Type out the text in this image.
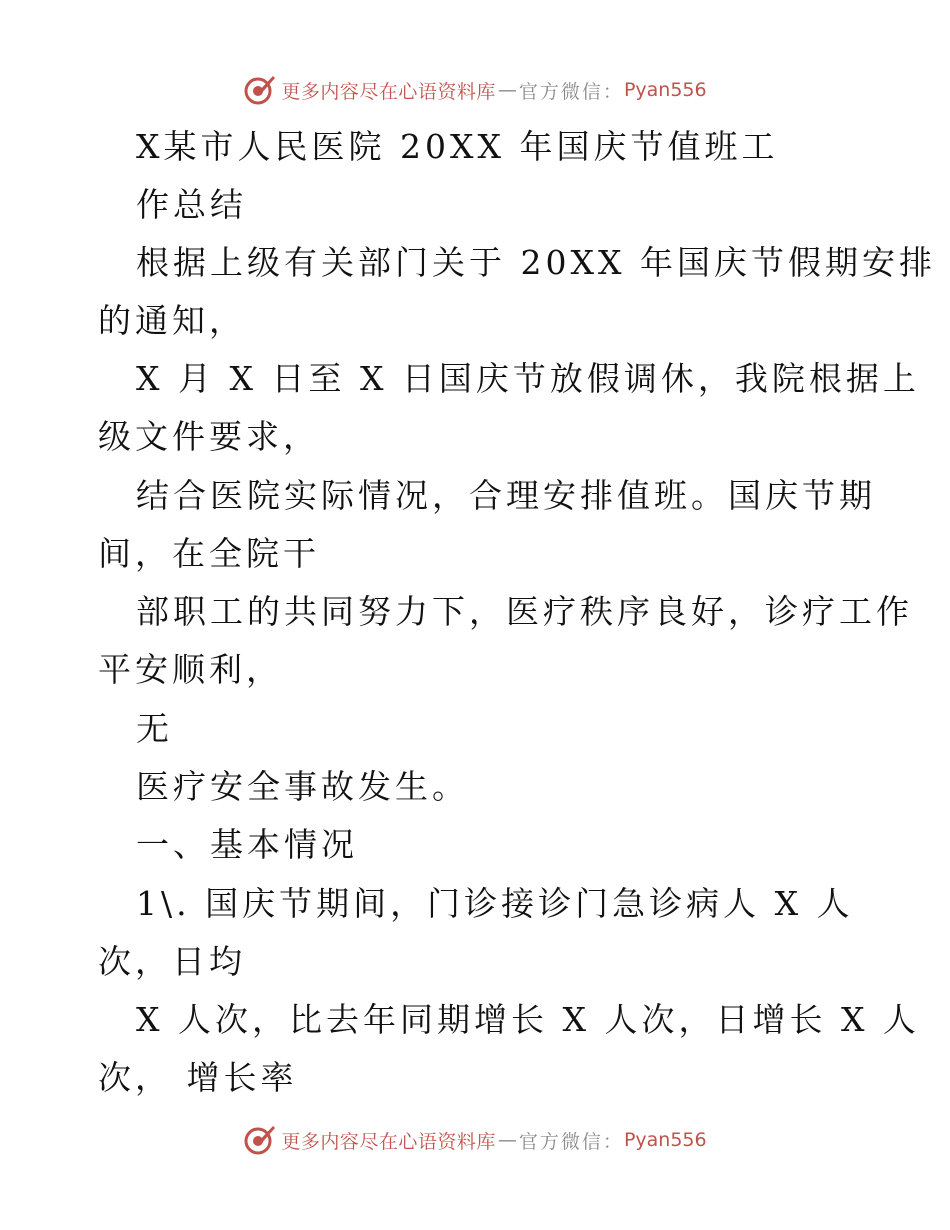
更多内容尽在心语资料库 — 官方微信： Pyan556
X某市人民医院 20XX 年国庆节值班工
作总结
根据上级有关部门关于 20XX 年国庆节假期安排
的通知，
X 月 X 日至 X 日国庆节放假调休，我院根据上
级文件要求，
结合医院实际情况，合理安排值班。国庆节期
间，在全院干
部职工的共同努力下，医疗秩序良好，诊疗工作
平安顺利，
无
医疗安全事故发生。
一、基本情况
1\. 国庆节期间，门诊接诊门急诊病人 X 人
次，日均
X 人次，比去年同期增长 X 人次，日增长 X 人
次， 增长率
更多内容尽在心语资料库 — 官方微信： Pyan556
